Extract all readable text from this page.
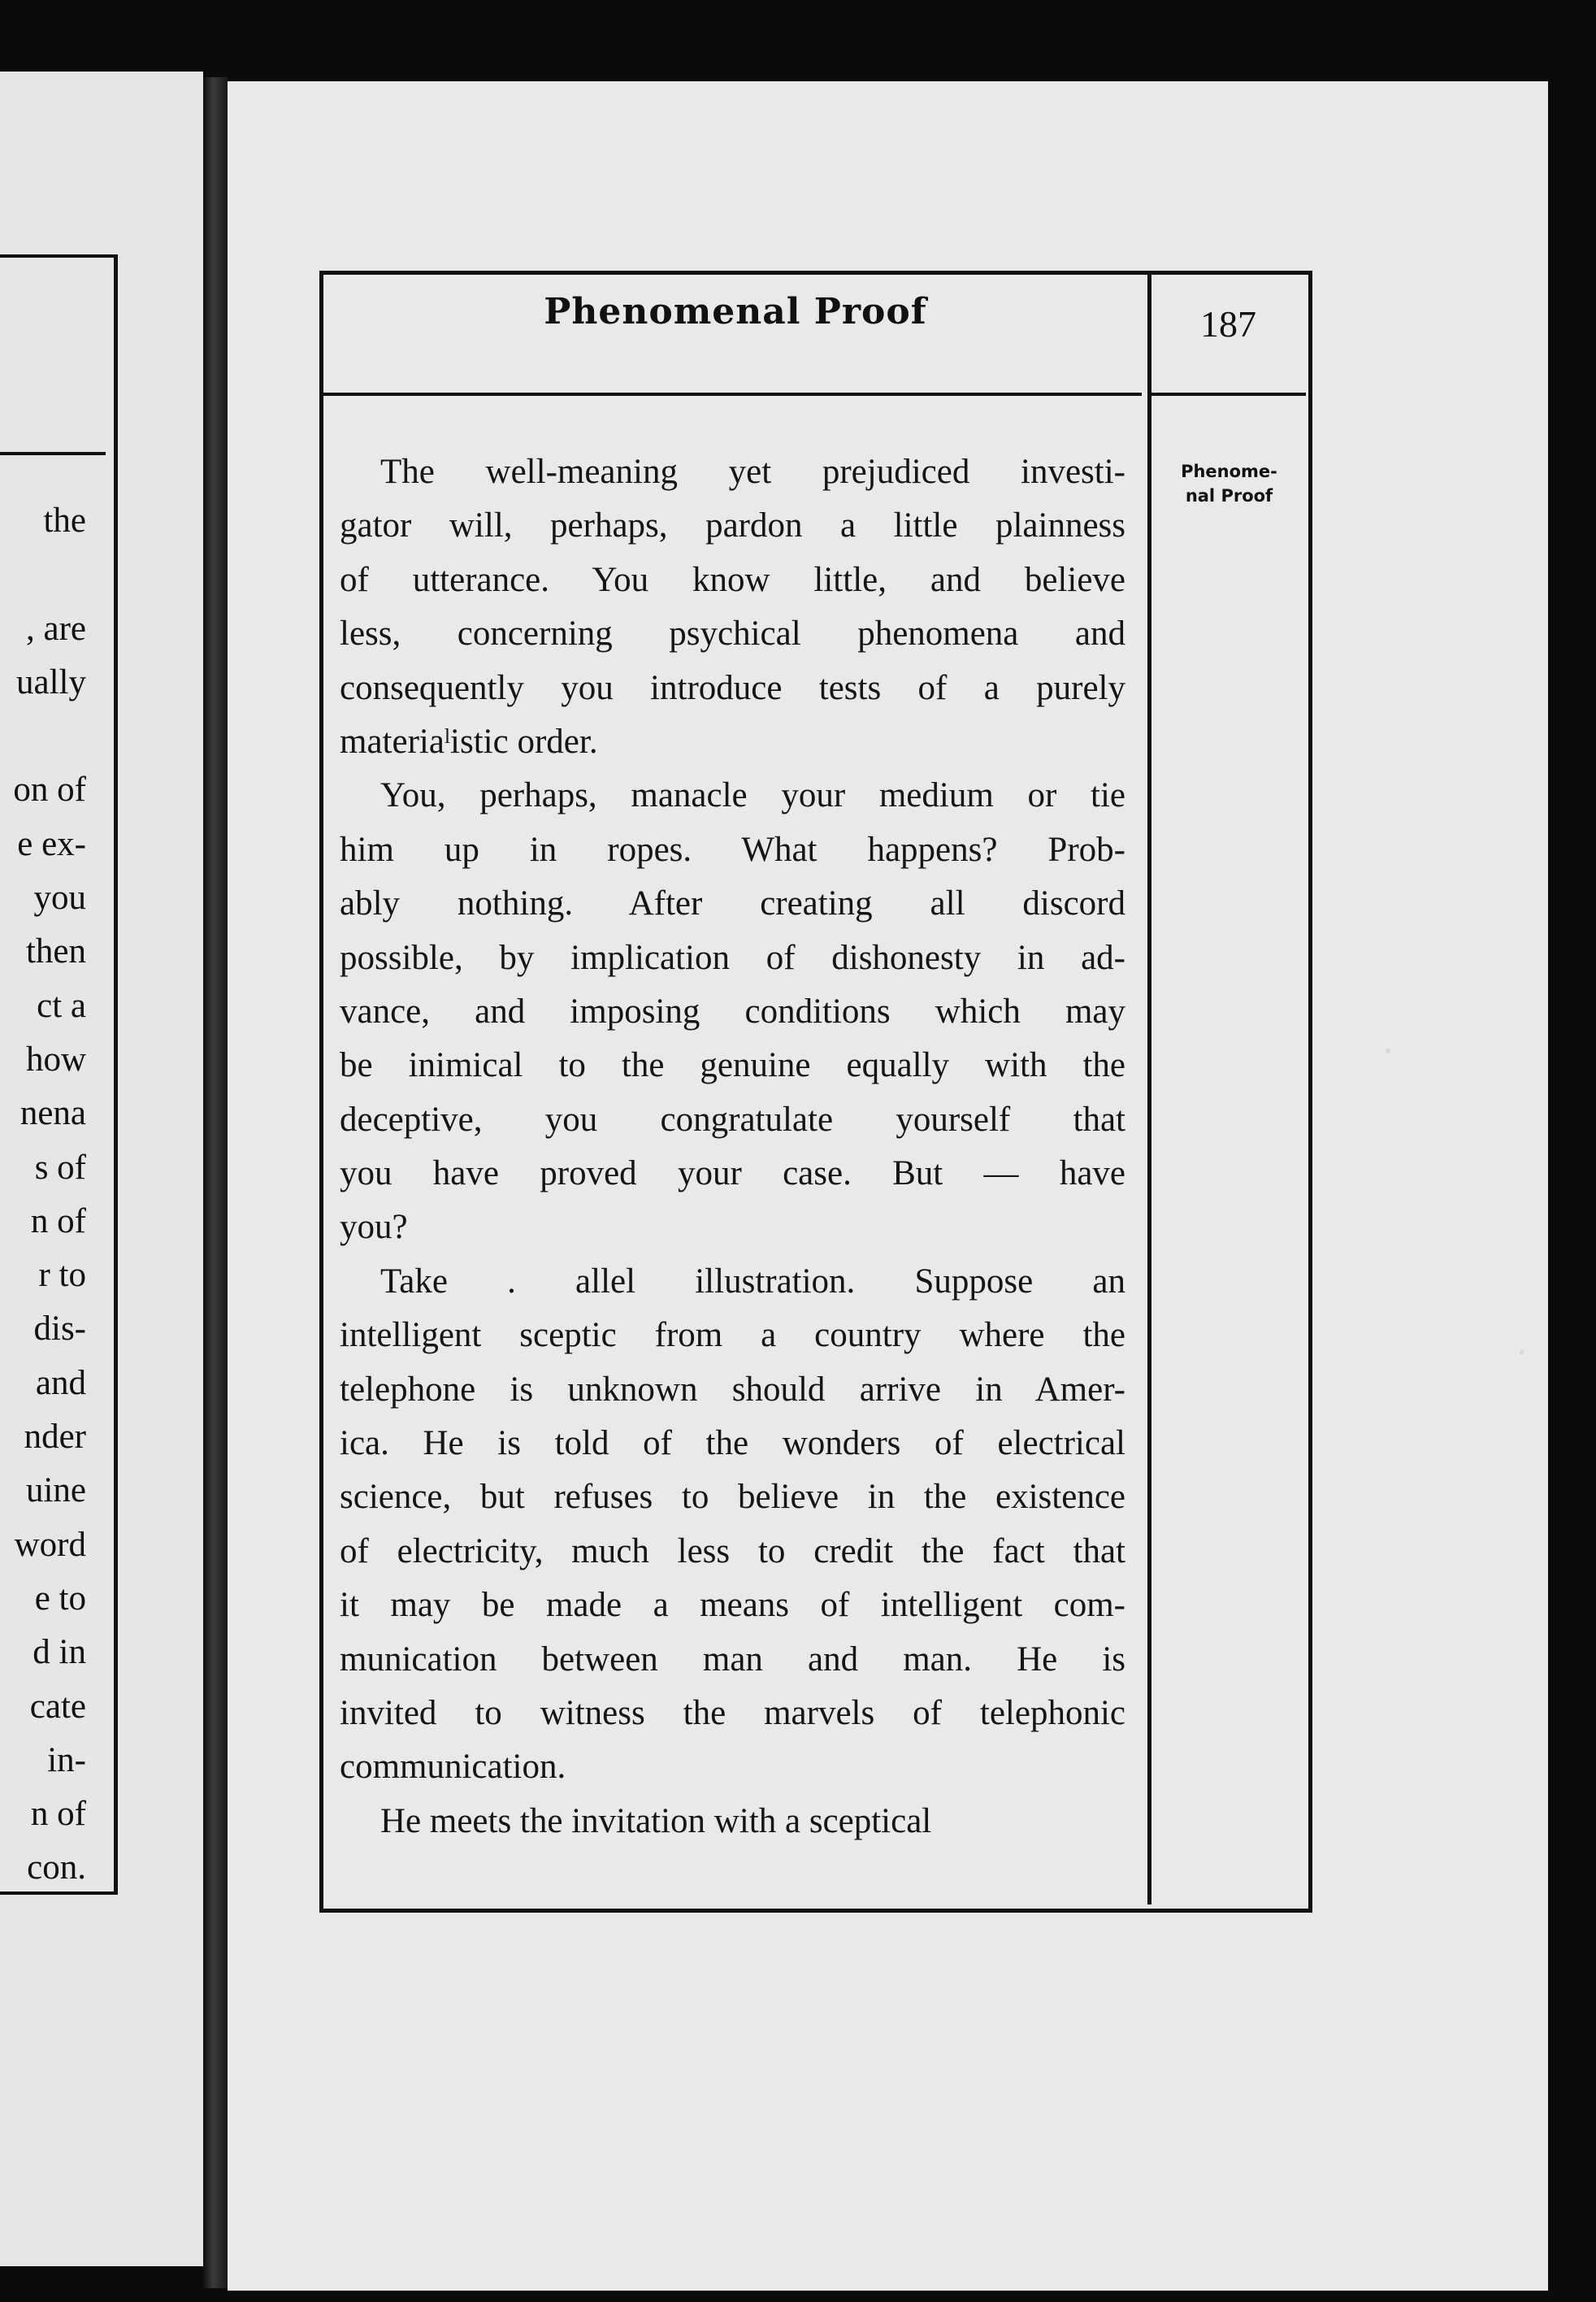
the
, are
ually
on of
e ex-
you
then
ct a
how
nena
s of
n of
r to
dis-
and
nder
uine
word
e to
d in
cate
in-
n of
con.
Phenomenal Proof	187
Phenome-
nal Proof

The well-meaning yet prejudiced investi-
gator will, perhaps, pardon a little plainness
of utterance. You know little, and believe
less, concerning psychical phenomena and
consequently you introduce tests of a purely
materiaˡistic order.

You, perhaps, manacle your medium or tie
him up in ropes. What happens? Prob-
ably nothing. After creating all discord
possible, by implication of dishonesty in ad-
vance, and imposing conditions which may
be inimical to the genuine equally with the
deceptive, you congratulate yourself that
you have proved your case. But — have
you?

Take . allel illustration. Suppose an
intelligent sceptic from a country where the
telephone is unknown should arrive in Amer-
ica. He is told of the wonders of electrical
science, but refuses to believe in the existence
of electricity, much less to credit the fact that
it may be made a means of intelligent com-
munication between man and man. He is
invited to witness the marvels of telephonic
communication.

He meets the invitation with a sceptical
